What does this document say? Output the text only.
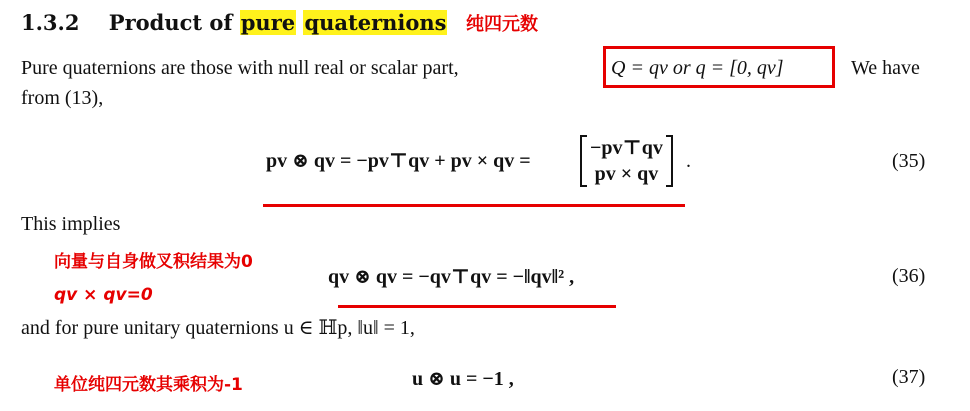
1.3.2 Product of pure quaternions 纯四元数
Pure quaternions are those with null real or scalar part,	Q = qv or q = [0, qv]	We have
from (13),
pv ⊗ qv = −pv⊤qv + pv × qv =
−pv⊤qv
pv × qv
.	(35)
This implies
向量与自身做叉积结果为0
qv × qv=0
qv ⊗ qv = −qv⊤qv = −‖qv‖² ,	(36)
and for pure unitary quaternions u ∈ ℍp, ‖u‖ = 1,
单位纯四元数其乘积为-1	u ⊗ u = −1 ,	(37)
